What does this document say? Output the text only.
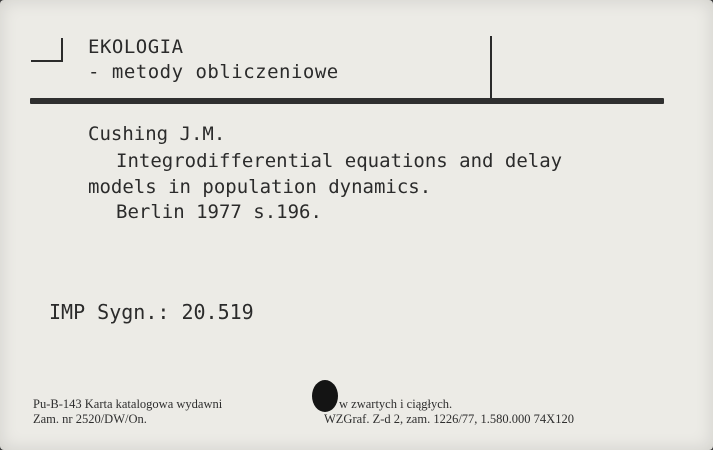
EKOLOGIA
- metody obliczeniowe
Cushing J.M.
Integrodifferential equations and delay
models in population dynamics.
Berlin 1977 s.196.
IMP Sygn.: 20.519
Pu-B-143 Karta katalogowa wydawni
Zam. nr 2520/DW/On.
w zwartych i ciągłych.
WZGraf. Z-d 2, zam. 1226/77, 1.580.000 74X120
